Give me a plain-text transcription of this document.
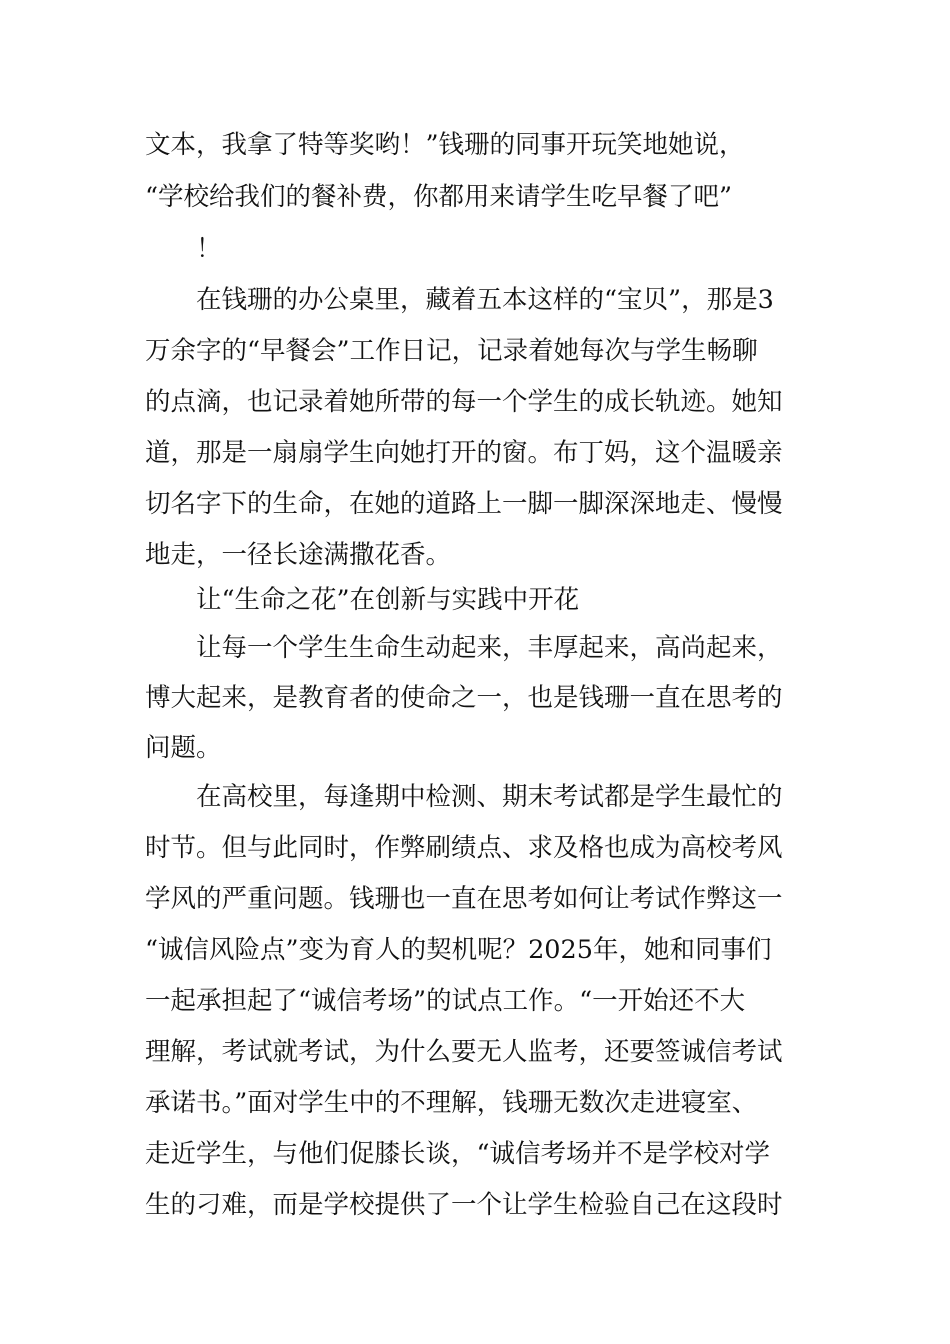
文本，我拿了特等奖哟！”钱珊的同事开玩笑地她说，
“学校给我们的餐补费，你都用来请学生吃早餐了吧”
！
在钱珊的办公桌里，藏着五本这样的“宝贝”，那是3
万余字的“早餐会”工作日记，记录着她每次与学生畅聊
的点滴，也记录着她所带的每一个学生的成长轨迹。她知
道，那是一扇扇学生向她打开的窗。布丁妈，这个温暖亲
切名字下的生命，在她的道路上一脚一脚深深地走、慢慢
地走，一径长途满撒花香。
让“生命之花”在创新与实践中开花
让每一个学生生命生动起来，丰厚起来，高尚起来，
博大起来，是教育者的使命之一，也是钱珊一直在思考的
问题。
在高校里，每逢期中检测、期末考试都是学生最忙的
时节。但与此同时，作弊刷绩点、求及格也成为高校考风
学风的严重问题。钱珊也一直在思考如何让考试作弊这一
“诚信风险点”变为育人的契机呢？2025年，她和同事们
一起承担起了“诚信考场”的试点工作。“一开始还不大
理解，考试就考试，为什么要无人监考，还要签诚信考试
承诺书。”面对学生中的不理解，钱珊无数次走进寝室、
走近学生，与他们促膝长谈，“诚信考场并不是学校对学
生的刁难，而是学校提供了一个让学生检验自己在这段时
